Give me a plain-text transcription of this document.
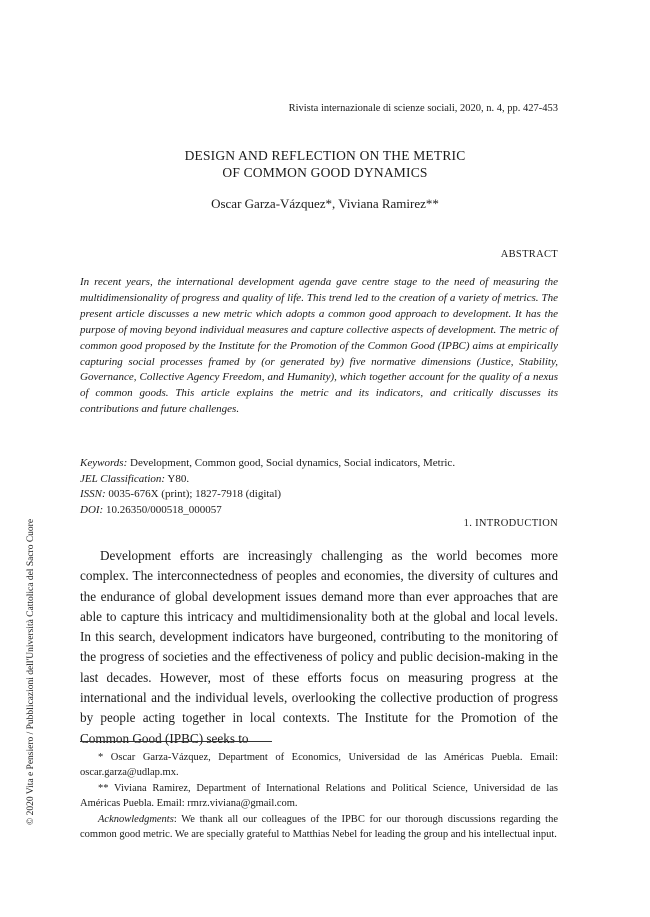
Rivista internazionale di scienze sociali, 2020, n. 4, pp. 427-453
DESIGN AND REFLECTION ON THE METRIC
OF COMMON GOOD DYNAMICS
Oscar Garza-Vázquez*, Viviana Ramirez**
ABSTRACT

In recent years, the international development agenda gave centre stage to the need of measuring the multidimensionality of progress and quality of life. This trend led to the creation of a variety of metrics. The present article discusses a new metric which adopts a common good approach to development. It has the purpose of moving beyond individual measures and capture collective aspects of development. The metric of common good proposed by the Institute for the Promotion of the Common Good (IPBC) aims at empirically capturing social processes framed by (or generated by) five normative dimensions (Justice, Stability, Governance, Collective Agency Freedom, and Humanity), which together account for the quality of a nexus of common goods. This article explains the metric and its indicators, and critically discusses its contributions and future challenges.

Keywords: Development, Common good, Social dynamics, Social indicators, Metric.
JEL Classification: Y80.
ISSN: 0035-676X (print); 1827-7918 (digital)
DOI: 10.26350/000518_000057
1. INTRODUCTION

Development efforts are increasingly challenging as the world becomes more complex. The interconnectedness of peoples and economies, the diversity of cultures and the endurance of global development issues demand more than ever approaches that are able to capture this intricacy and multidimensionality both at the global and local levels. In this search, development indicators have burgeoned, contributing to the monitoring of the progress of societies and the effectiveness of policy and public decision-making in the last decades. However, most of these efforts focus on measuring progress at the international and the individual levels, overlooking the collective production of progress by people acting together in local contexts. The Institute for the Promotion of the Common Good (IPBC) seeks to

* Oscar Garza-Vázquez, Department of Economics, Universidad de las Américas Puebla. Email: oscar.garza@udlap.mx.

** Viviana Ramirez, Department of International Relations and Political Science, Universidad de las Américas Puebla. Email: rmrz.viviana@gmail.com.

Acknowledgments: We thank all our colleagues of the IPBC for our thorough discussions regarding the common good metric. We are specially grateful to Matthias Nebel for leading the group and his intellectual input.

© 2020 Vita e Pensiero / Pubblicazioni dell'Università Cattolica del Sacro Cuore
